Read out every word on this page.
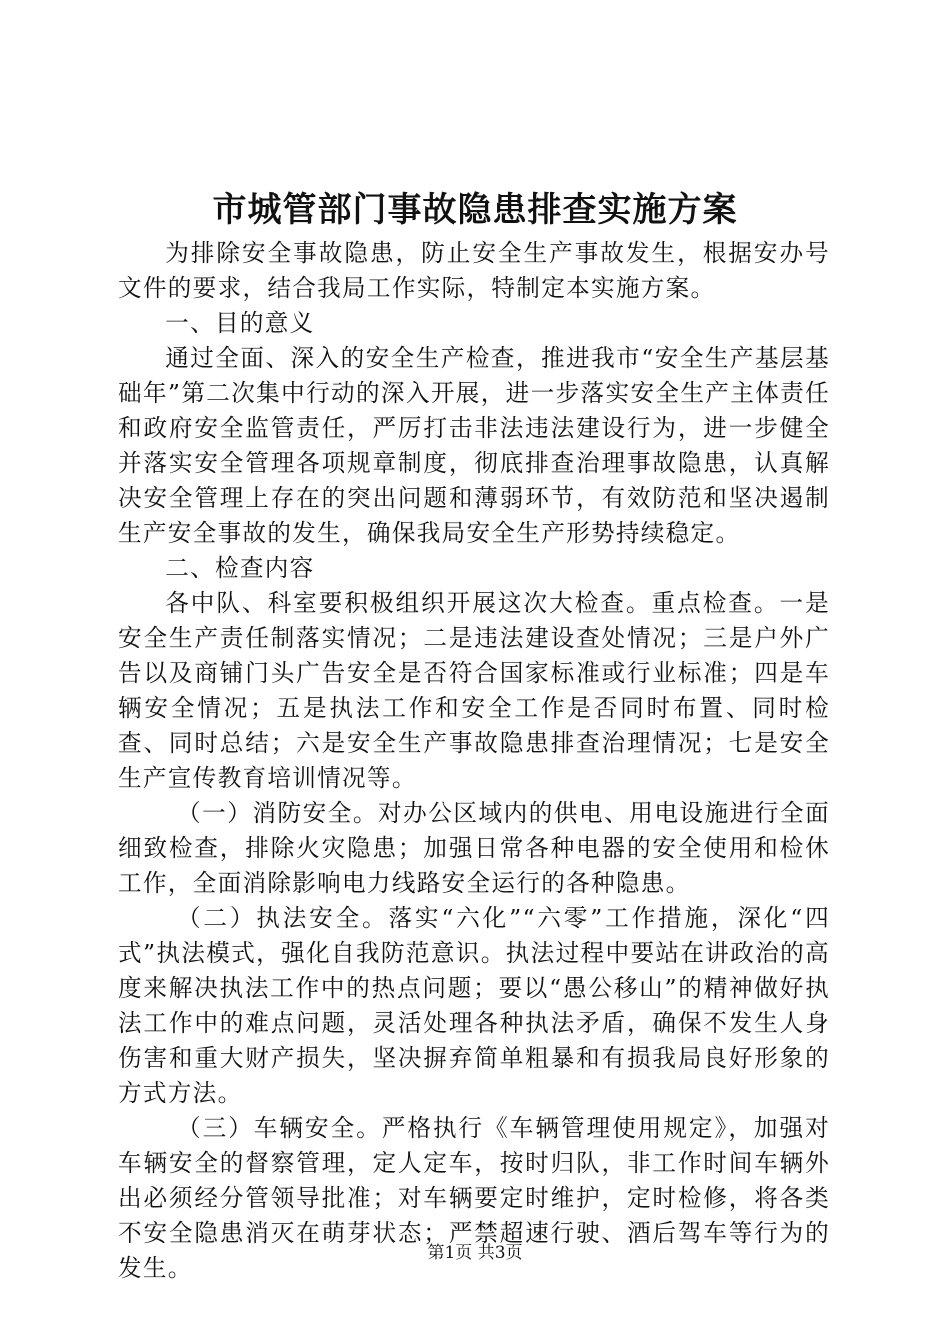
市城管部门事故隐患排查实施方案

为排除安全事故隐患，防止安全生产事故发生，根据安办号文件的要求，结合我局工作实际，特制定本实施方案。

一、目的意义

通过全面、深入的安全生产检查，推进我市“安全生产基层基础年”第二次集中行动的深入开展，进一步落实安全生产主体责任和政府安全监管责任，严厉打击非法违法建设行为，进一步健全并落实安全管理各项规章制度，彻底排查治理事故隐患，认真解决安全管理上存在的突出问题和薄弱环节，有效防范和坚决遏制生产安全事故的发生，确保我局安全生产形势持续稳定。

二、检查内容

各中队、科室要积极组织开展这次大检查。重点检查。一是安全生产责任制落实情况；二是违法建设查处情况；三是户外广告以及商铺门头广告安全是否符合国家标准或行业标准；四是车辆安全情况；五是执法工作和安全工作是否同时布置、同时检查、同时总结；六是安全生产事故隐患排查治理情况；七是安全生产宣传教育培训情况等。

（一）消防安全。对办公区域内的供电、用电设施进行全面细致检查，排除火灾隐患；加强日常各种电器的安全使用和检休工作，全面消除影响电力线路安全运行的各种隐患。

（二）执法安全。落实“六化”“六零”工作措施，深化“四式”执法模式，强化自我防范意识。执法过程中要站在讲政治的高度来解决执法工作中的热点问题；要以“愚公移山”的精神做好执法工作中的难点问题，灵活处理各种执法矛盾，确保不发生人身伤害和重大财产损失，坚决摒弃简单粗暴和有损我局良好形象的方式方法。

（三）车辆安全。严格执行《车辆管理使用规定》，加强对车辆安全的督察管理，定人定车，按时归队，非工作时间车辆外出必须经分管领导批准；对车辆要定时维护，定时检修，将各类不安全隐患消灭在萌芽状态；严禁超速行驶、酒后驾车等行为的发生。

第1页 共3页
